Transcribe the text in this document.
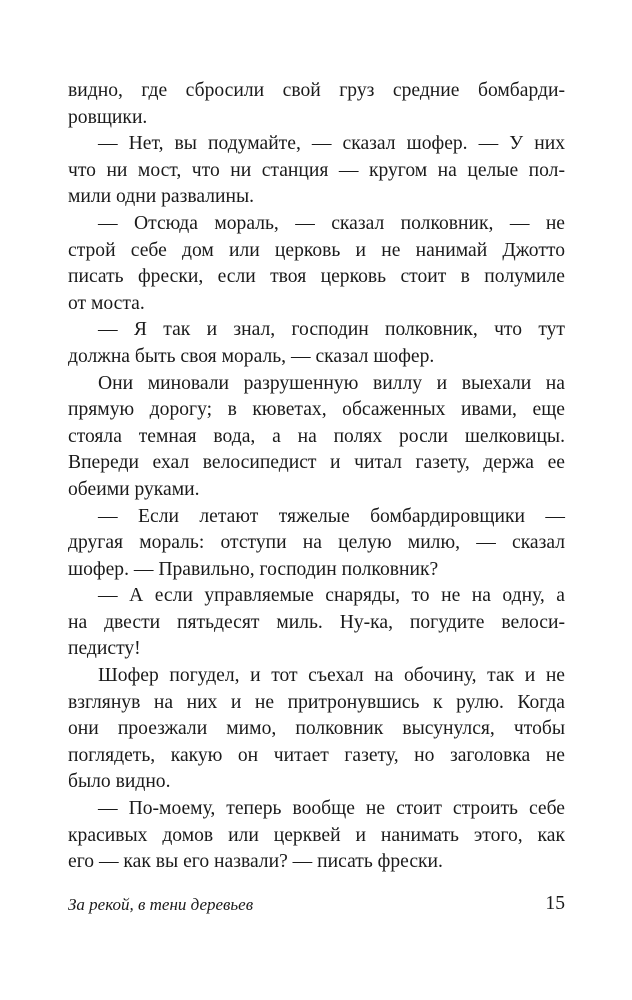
видно, где сбросили свой груз средние бомбарди-
ровщики.
— Нет, вы подумайте, — сказал шофер. — У них
что ни мост, что ни станция — кругом на целые пол-
мили одни развалины.
— Отсюда мораль, — сказал полковник, — не
строй себе дом или церковь и не нанимай Джотто
писать фрески, если твоя церковь стоит в полумиле
от моста.
— Я так и знал, господин полковник, что тут
должна быть своя мораль, — сказал шофер.
Они миновали разрушенную виллу и выехали на
прямую дорогу; в кюветах, обсаженных ивами, еще
стояла темная вода, а на полях росли шелковицы.
Впереди ехал велосипедист и читал газету, держа ее
обеими руками.
— Если летают тяжелые бомбардировщики —
другая мораль: отступи на целую милю, — сказал
шофер. — Правильно, господин полковник?
— А если управляемые снаряды, то не на одну, а
на двести пятьдесят миль. Ну-ка, погудите велоси-
педисту!
Шофер погудел, и тот съехал на обочину, так и не
взглянув на них и не притронувшись к рулю. Когда
они проезжали мимо, полковник высунулся, чтобы
поглядеть, какую он читает газету, но заголовка не
было видно.
— По-моему, теперь вообще не стоит строить себе
красивых домов или церквей и нанимать этого, как
его — как вы его назвали? — писать фрески.
За рекой, в тени деревьев	15
